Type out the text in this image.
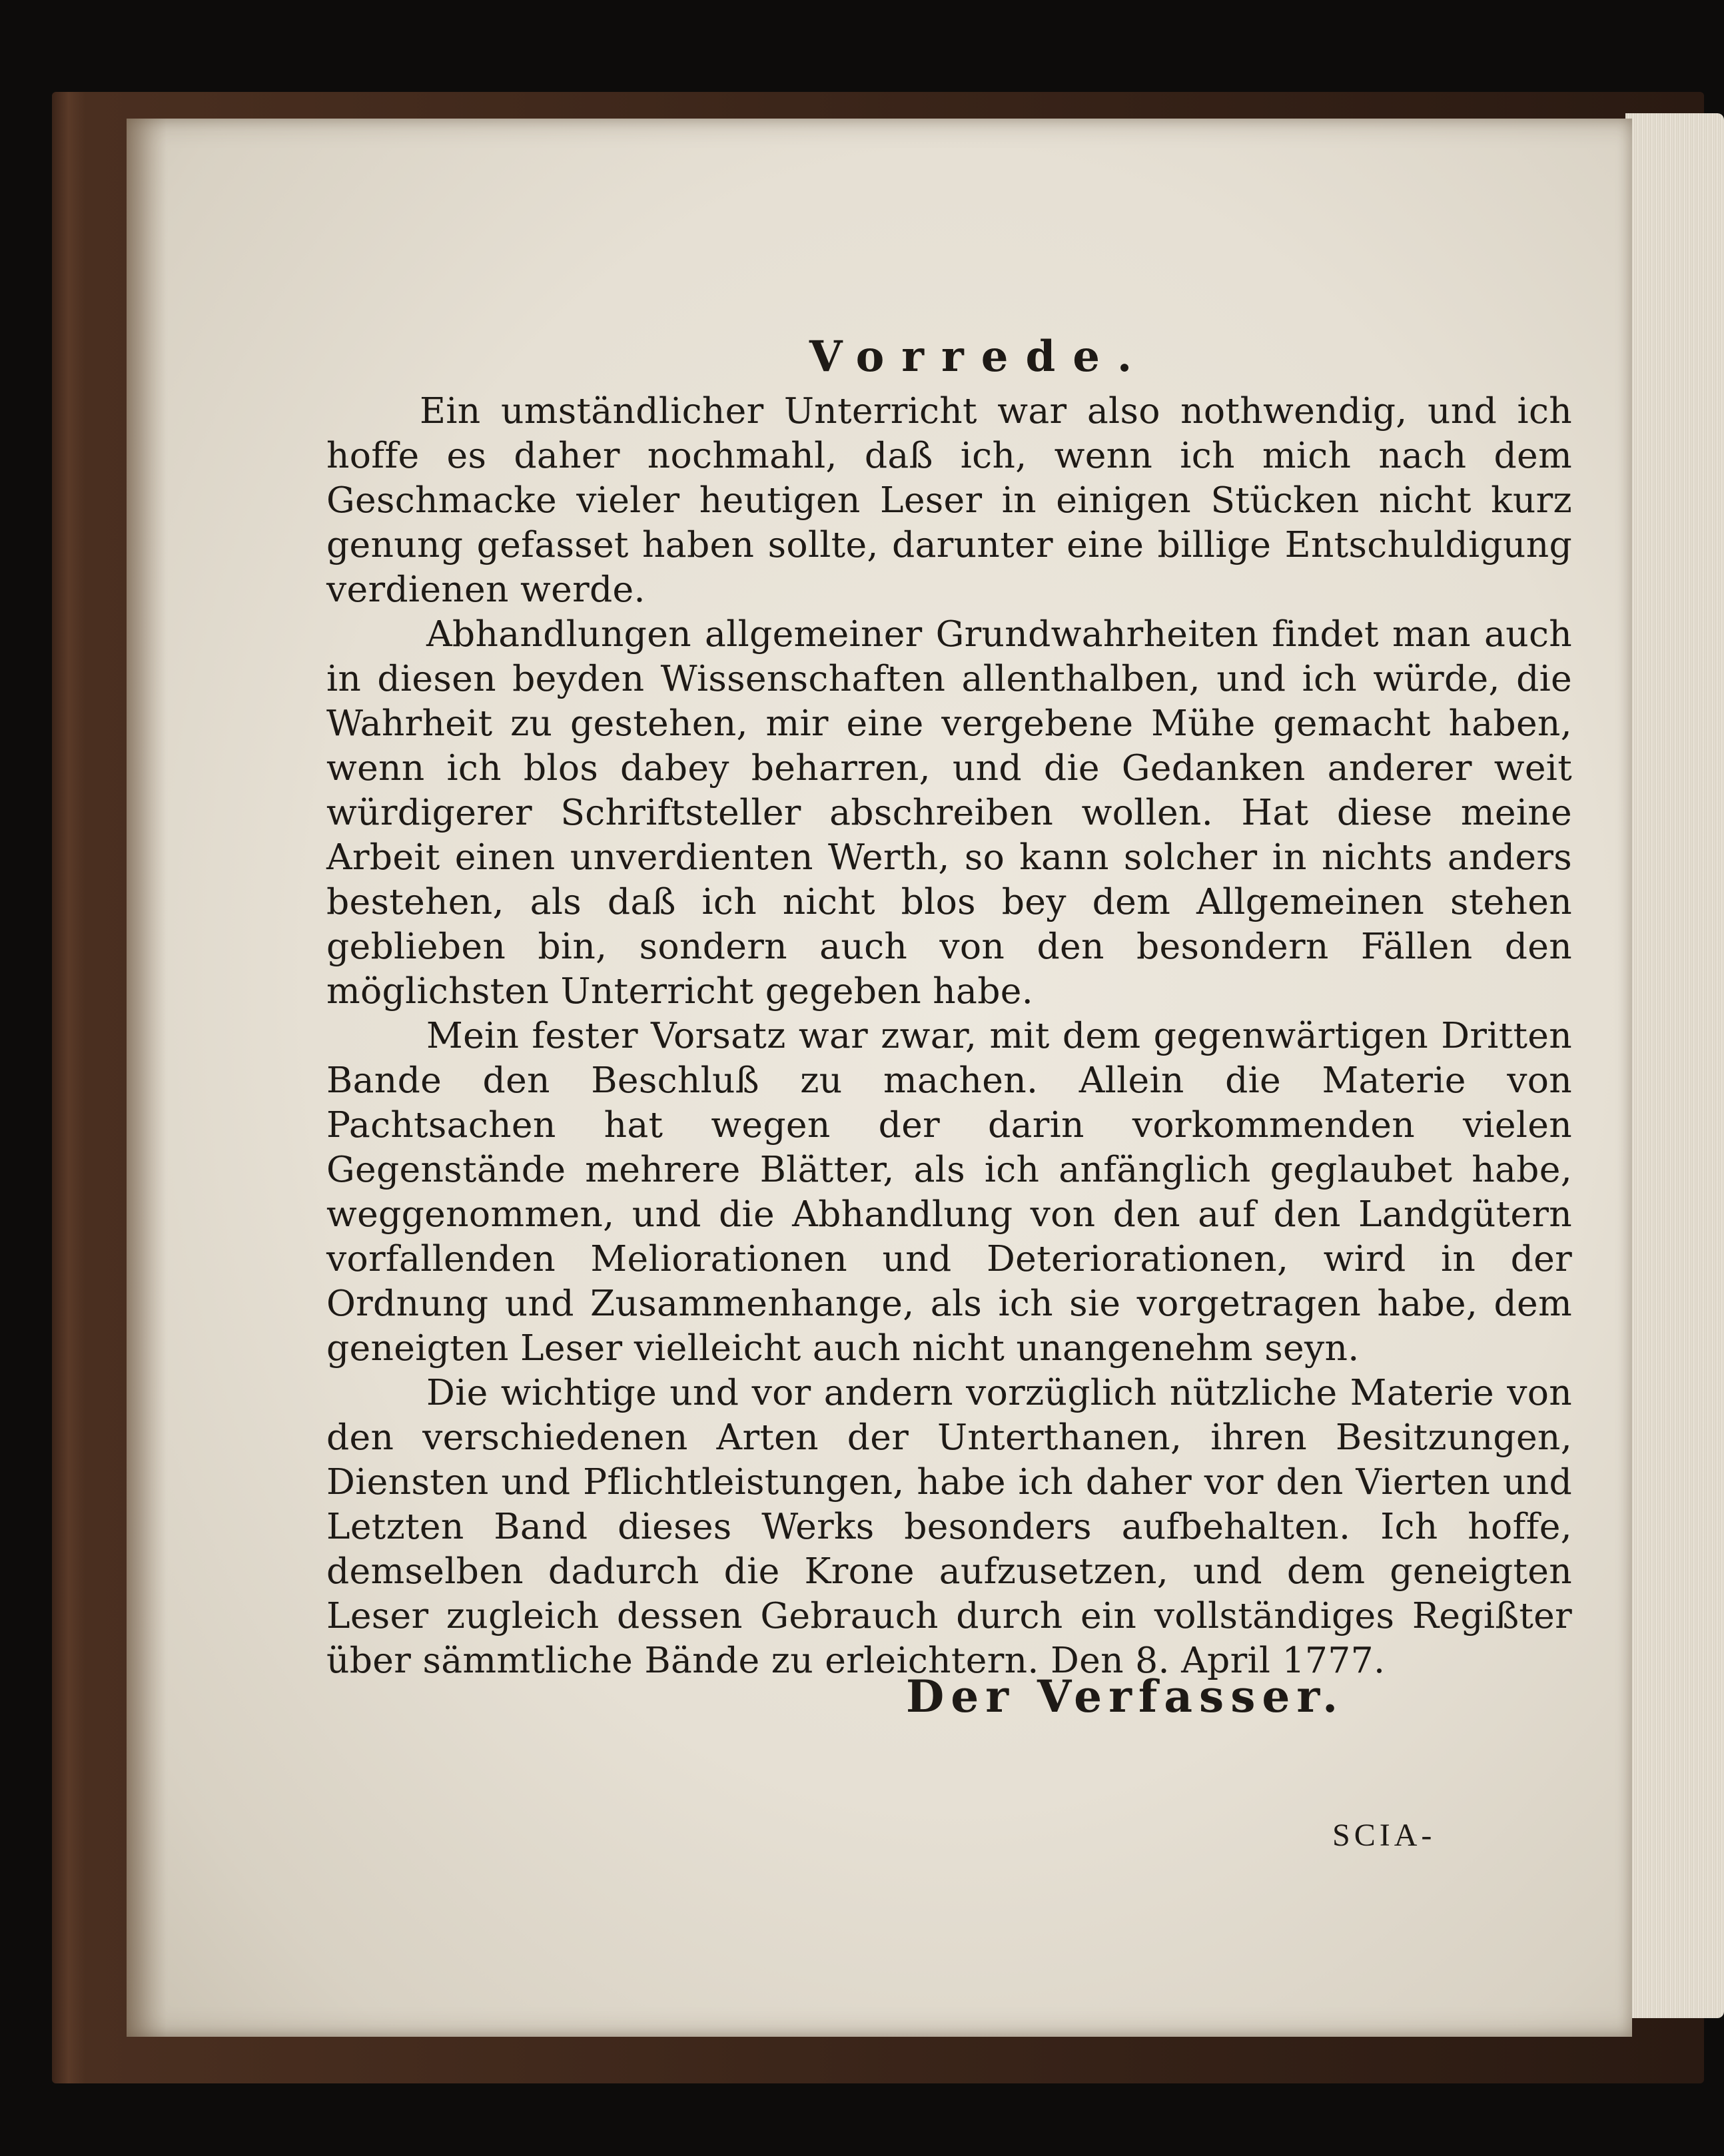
Vorrede.

Ein umständlicher Unterricht war also nothwendig, und ich hoffe es daher nochmahl, daß ich, wenn ich mich nach dem Geschmacke vieler heutigen Leser in einigen Stücken nicht kurz genung gefasset haben sollte, darunter eine billige Entschuldigung verdienen werde.

Abhandlungen allgemeiner Grundwahrheiten findet man auch in diesen beyden Wissenschaften allenthalben, und ich würde, die Wahrheit zu gestehen, mir eine vergebene Mühe gemacht haben, wenn ich blos dabey beharren, und die Gedanken anderer weit würdigerer Schriftsteller abschreiben wollen. Hat diese meine Arbeit einen unverdienten Werth, so kann solcher in nichts anders bestehen, als daß ich nicht blos bey dem Allgemeinen stehen geblieben bin, sondern auch von den besondern Fällen den möglichsten Unterricht gegeben habe.

Mein fester Vorsatz war zwar, mit dem gegenwärtigen Dritten Bande den Beschluß zu machen. Allein die Materie von Pachtsachen hat wegen der darin vorkommenden vielen Gegenstände mehrere Blätter, als ich anfänglich geglaubet habe, weggenommen, und die Abhandlung von den auf den Landgütern vorfallenden Meliorationen und Deteriorationen, wird in der Ordnung und Zusammenhange, als ich sie vorgetragen habe, dem geneigten Leser vielleicht auch nicht unangenehm seyn.

Die wichtige und vor andern vorzüglich nützliche Materie von den verschiedenen Arten der Unterthanen, ihren Besitzungen, Diensten und Pflichtleistungen, habe ich daher vor den Vierten und Letzten Band dieses Werks besonders aufbehalten. Ich hoffe, demselben dadurch die Krone aufzusetzen, und dem geneigten Leser zugleich dessen Gebrauch durch ein vollständiges Regißter über sämmtliche Bände zu erleichtern. Den 8. April 1777.

Der Verfasser.

SCIA-
